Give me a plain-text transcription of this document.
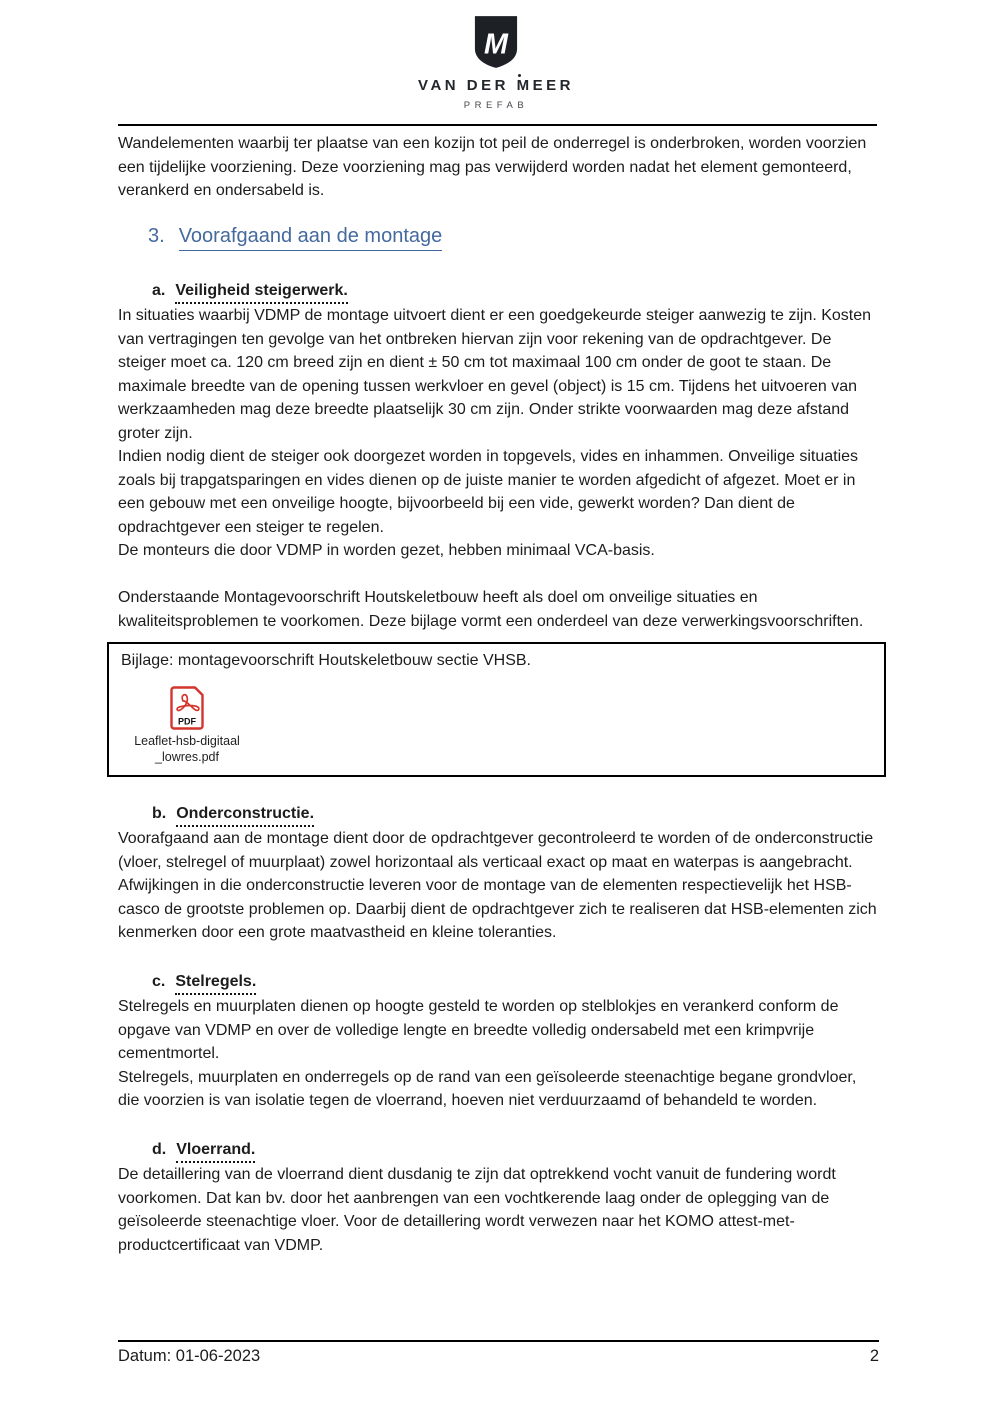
M
VAN DER MEER
PREFAB

Wandelementen waarbij ter plaatse van een kozijn tot peil de onderregel is onderbroken, worden voorzien een tijdelijke voorziening. Deze voorziening mag pas verwijderd worden nadat het element gemonteerd, verankerd en ondersabeld is.

3. Voorafgaand aan de montage
a. Veiligheid steigerwerk.

In situaties waarbij VDMP de montage uitvoert dient er een goedgekeurde steiger aanwezig te zijn. Kosten van vertragingen ten gevolge van het ontbreken hiervan zijn voor rekening van de opdrachtgever. De steiger moet ca. 120 cm breed zijn en dient ± 50 cm tot maximaal 100 cm onder de goot te staan. De maximale breedte van de opening tussen werkvloer en gevel (object) is 15 cm. Tijdens het uitvoeren van werkzaamheden mag deze breedte plaatselijk 30 cm zijn. Onder strikte voorwaarden mag deze afstand groter zijn.

Indien nodig dient de steiger ook doorgezet worden in topgevels, vides en inhammen. Onveilige situaties zoals bij trapgatsparingen en vides dienen op de juiste manier te worden afgedicht of afgezet. Moet er in een gebouw met een onveilige hoogte, bijvoorbeeld bij een vide, gewerkt worden? Dan dient de opdrachtgever een steiger te regelen.

De monteurs die door VDMP in worden gezet, hebben minimaal VCA-basis.

Onderstaande Montagevoorschrift Houtskeletbouw heeft als doel om onveilige situaties en kwaliteitsproblemen te voorkomen. Deze bijlage vormt een onderdeel van deze verwerkingsvoorschriften.

Bijlage: montagevoorschrift Houtskeletbouw sectie VHSB.

PDF
Leaflet-hsb-digitaal
_lowres.pdf
b. Onderconstructie.

Voorafgaand aan de montage dient door de opdrachtgever gecontroleerd te worden of de onderconstructie (vloer, stelregel of muurplaat) zowel horizontaal als verticaal exact op maat en waterpas is aangebracht. Afwijkingen in die onderconstructie leveren voor de montage van de elementen respectievelijk het HSB-casco de grootste problemen op. Daarbij dient de opdrachtgever zich te realiseren dat HSB-elementen zich kenmerken door een grote maatvastheid en kleine toleranties.

c. Stelregels.

Stelregels en muurplaten dienen op hoogte gesteld te worden op stelblokjes en verankerd conform de opgave van VDMP en over de volledige lengte en breedte volledig ondersabeld met een krimpvrije cementmortel.

Stelregels, muurplaten en onderregels op de rand van een geïsoleerde steenachtige begane grondvloer, die voorzien is van isolatie tegen de vloerrand, hoeven niet verduurzaamd of behandeld te worden.

d. Vloerrand.

De detaillering van de vloerrand dient dusdanig te zijn dat optrekkend vocht vanuit de fundering wordt voorkomen. Dat kan bv. door het aanbrengen van een vochtkerende laag onder de oplegging van de geïsoleerde steenachtige vloer. Voor de detaillering wordt verwezen naar het KOMO attest-met-productcertificaat van VDMP.

Datum: 01-06-2023	2
